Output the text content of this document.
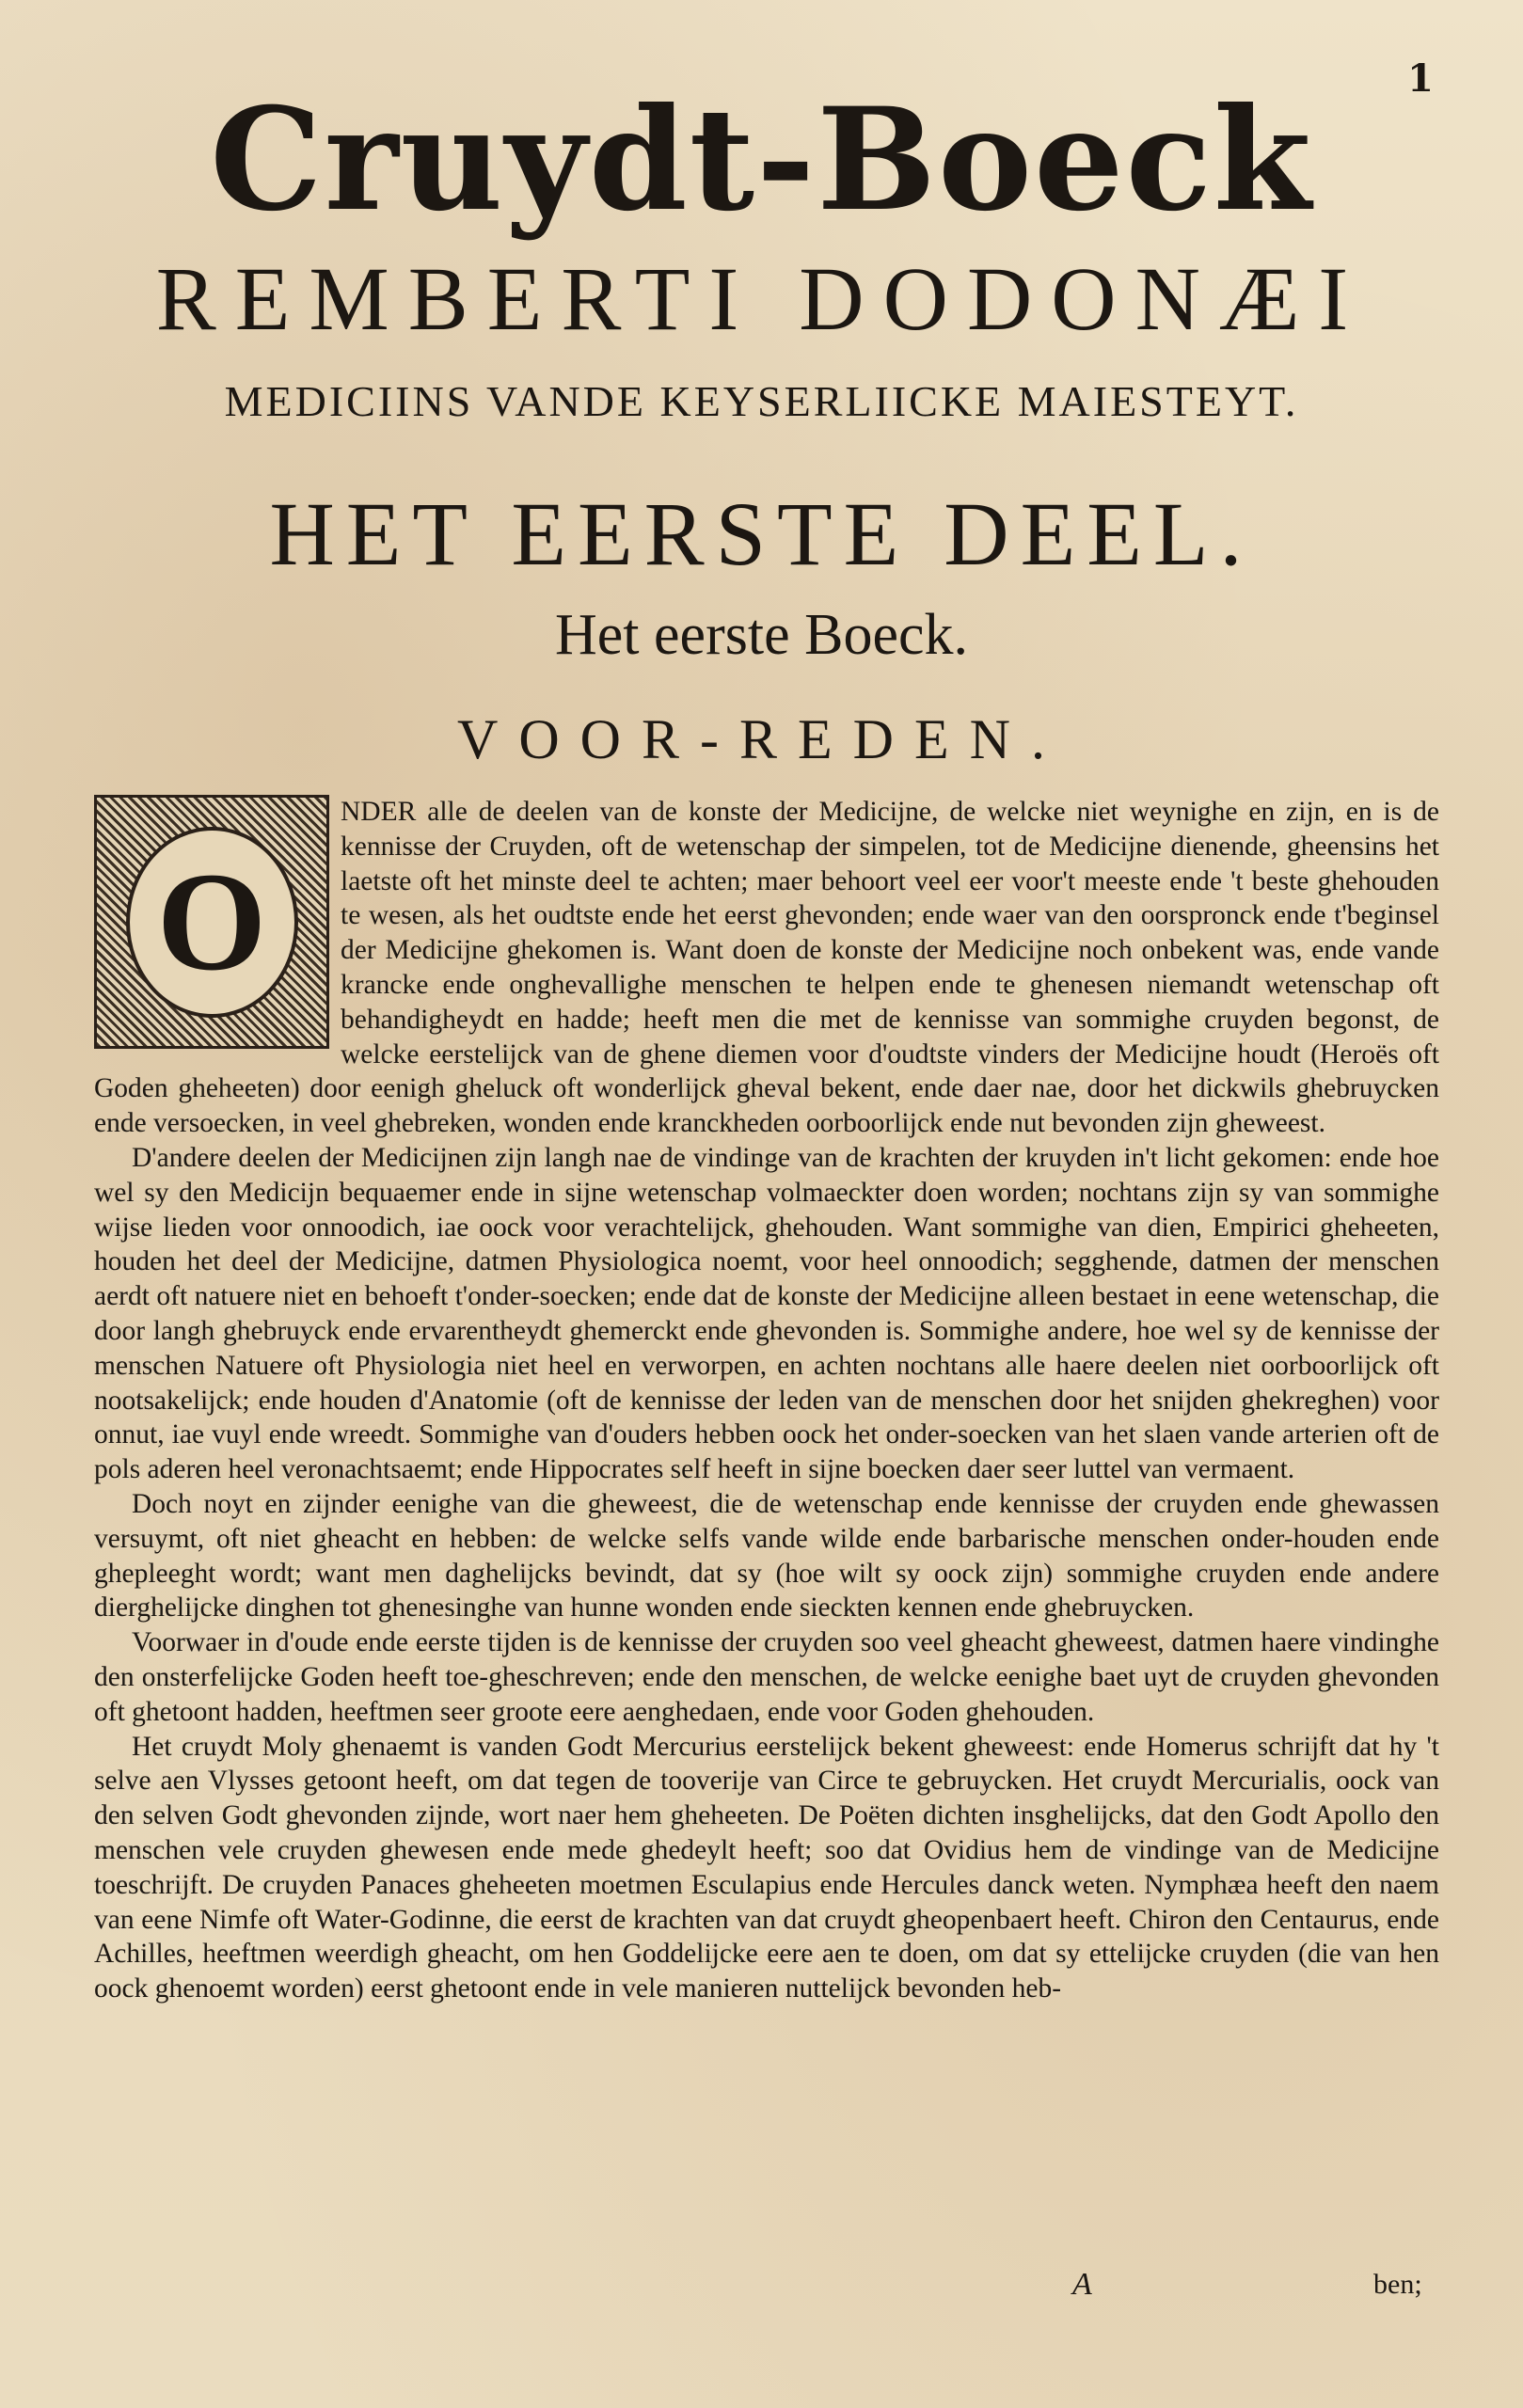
1
Cruydt-Boeck
REMBERTI DODONÆI
MEDICIINS VANDE KEYSERLIICKE MAIESTEYT.
HET EERSTE DEEL.
Het eerste Boeck.
VOOR-REDEN.
O

NDER alle de deelen van de konste der Medicijne, de welcke niet weynighe en zijn, en is de kennisse der Cruyden, oft de wetenschap der simpelen, tot de Medicijne dienende, gheensins het laetste oft het minste deel te achten; maer behoort veel eer voor't meeste ende 't beste ghehouden te wesen, als het oudtste ende het eerst ghevonden; ende waer van den oorspronck ende t'beginsel der Medicijne ghekomen is. Want doen de konste der Medicijne noch onbekent was, ende vande krancke ende onghevallighe menschen te helpen ende te ghenesen niemandt wetenschap oft behandigheydt en hadde; heeft men die met de kennisse van sommighe cruyden begonst, de welcke eerstelijck van de ghene diemen voor d'oudtste vinders der Medicijne houdt (Heroës oft Goden gheheeten) door eenigh gheluck oft wonderlijck gheval bekent, ende daer nae, door het dickwils ghebruycken ende versoecken, in veel ghebreken, wonden ende kranckheden oorboorlijck ende nut bevonden zijn gheweest.

D'andere deelen der Medicijnen zijn langh nae de vindinge van de krachten der kruyden in't licht gekomen: ende hoe wel sy den Medicijn bequaemer ende in sijne wetenschap volmaeckter doen worden; nochtans zijn sy van sommighe wijse lieden voor onnoodich, iae oock voor verachtelijck, ghehouden. Want sommighe van dien, Empirici gheheeten, houden het deel der Medicijne, datmen Physiologica noemt, voor heel onnoodich; segghende, datmen der menschen aerdt oft natuere niet en behoeft t'onder-soecken; ende dat de konste der Medicijne alleen bestaet in eene wetenschap, die door langh ghebruyck ende ervarentheydt ghemerckt ende ghevonden is. Sommighe andere, hoe wel sy de kennisse der menschen Natuere oft Physiologia niet heel en verworpen, en achten nochtans alle haere deelen niet oorboorlijck oft nootsakelijck; ende houden d'Anatomie (oft de kennisse der leden van de menschen door het snijden ghekreghen) voor onnut, iae vuyl ende wreedt. Sommighe van d'ouders hebben oock het onder-soecken van het slaen vande arterien oft de pols aderen heel veronachtsaemt; ende Hippocrates self heeft in sijne boecken daer seer luttel van vermaent.

Doch noyt en zijnder eenighe van die gheweest, die de wetenschap ende kennisse der cruyden ende ghewassen versuymt, oft niet gheacht en hebben: de welcke selfs vande wilde ende barbarische menschen onder-houden ende ghepleeght wordt; want men daghelijcks bevindt, dat sy (hoe wilt sy oock zijn) sommighe cruyden ende andere dierghelijcke dinghen tot ghenesinghe van hunne wonden ende sieckten kennen ende ghebruycken.

Voorwaer in d'oude ende eerste tijden is de kennisse der cruyden soo veel gheacht gheweest, datmen haere vindinghe den onsterfelijcke Goden heeft toe-gheschreven; ende den menschen, de welcke eenighe baet uyt de cruyden ghevonden oft ghetoont hadden, heeftmen seer groote eere aenghedaen, ende voor Goden ghehouden.

Het cruydt Moly ghenaemt is vanden Godt Mercurius eerstelijck bekent gheweest: ende Homerus schrijft dat hy 't selve aen Vlysses getoont heeft, om dat tegen de tooverije van Circe te gebruycken. Het cruydt Mercurialis, oock van den selven Godt ghevonden zijnde, wort naer hem gheheeten. De Poëten dichten insghelijcks, dat den Godt Apollo den menschen vele cruyden ghewesen ende mede ghedeylt heeft; soo dat Ovidius hem de vindinge van de Medicijne toeschrijft. De cruyden Panaces gheheeten moetmen Esculapius ende Hercules danck weten. Nymphæa heeft den naem van eene Nimfe oft Water-Godinne, die eerst de krachten van dat cruydt gheopenbaert heeft. Chiron den Centaurus, ende Achilles, heeftmen weerdigh gheacht, om hen Goddelijcke eere aen te doen, om dat sy ettelijcke cruyden (die van hen oock ghenoemt worden) eerst ghetoont ende in vele manieren nuttelijck bevonden heb-

A	ben;
